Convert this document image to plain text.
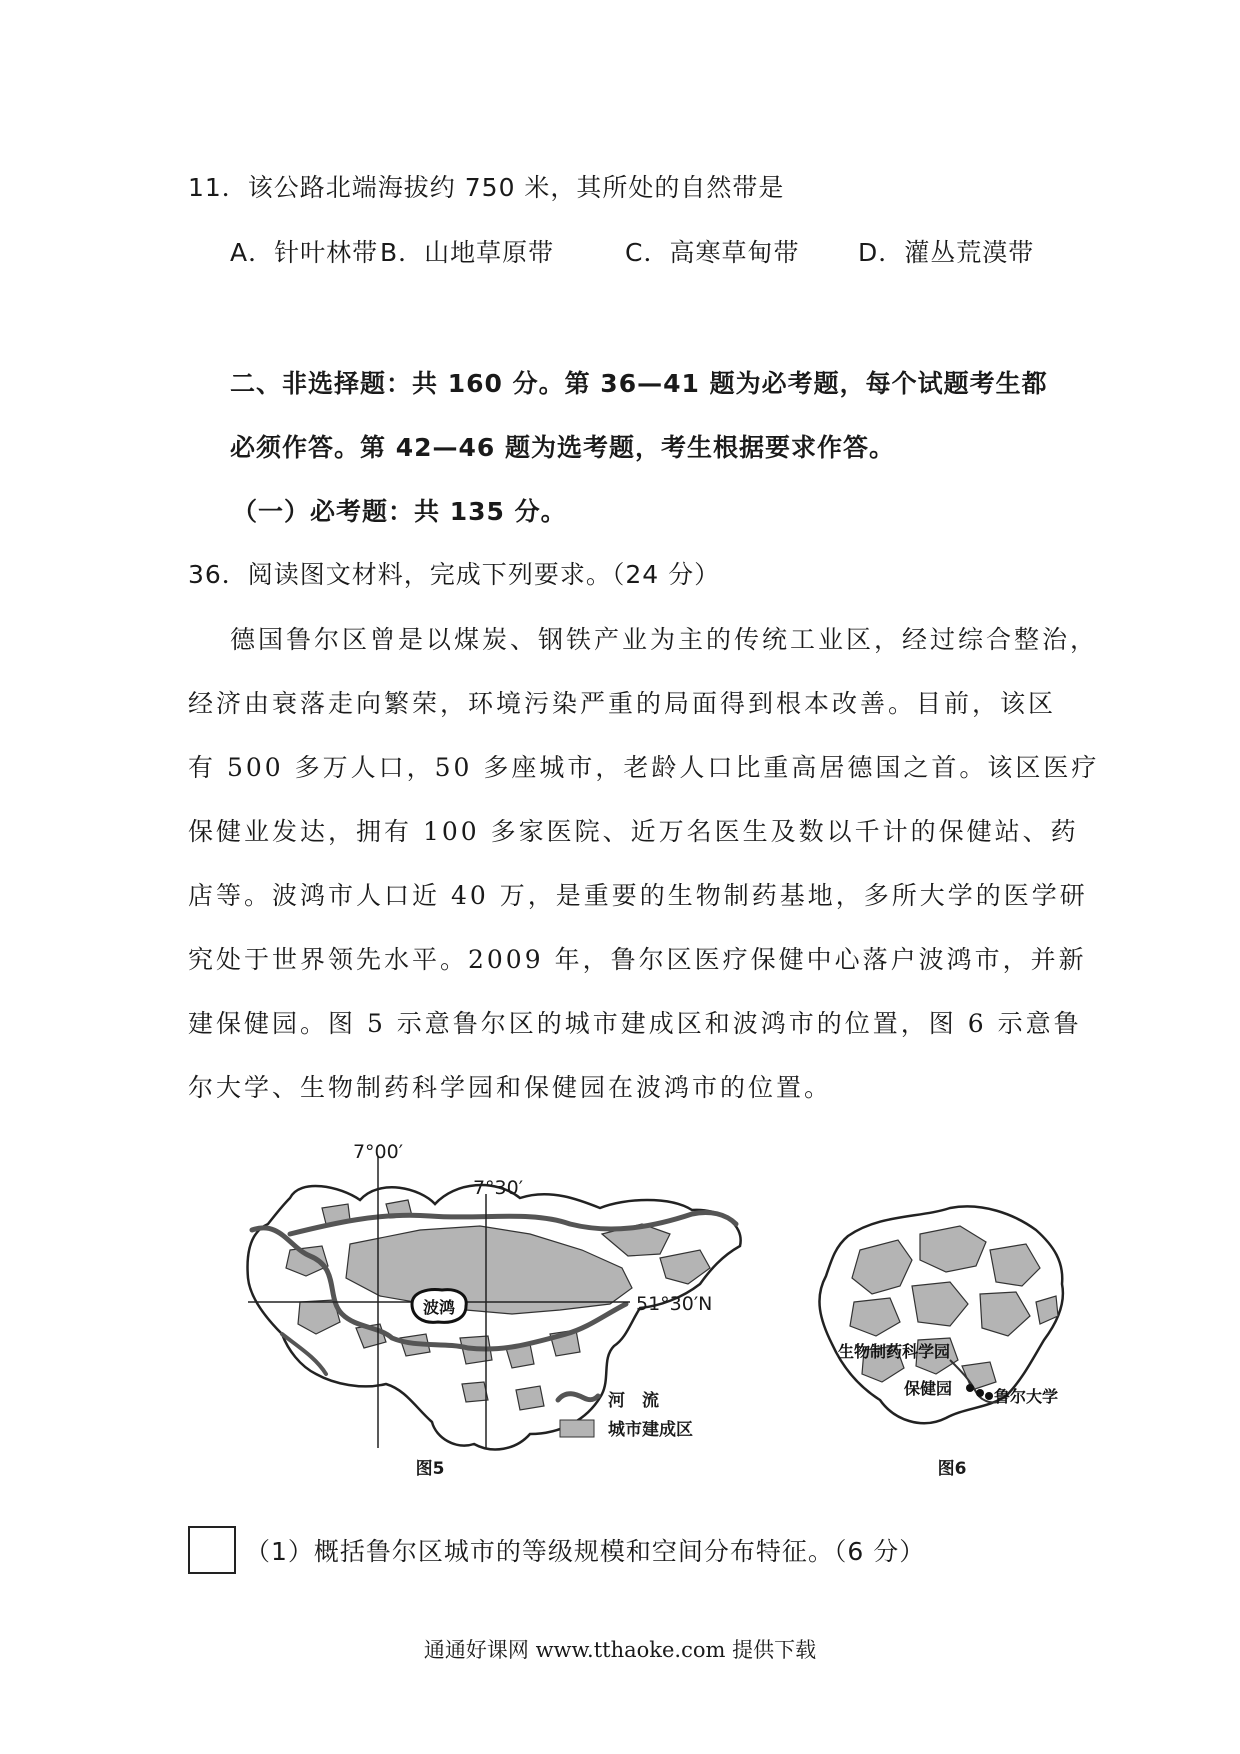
11．该公路北端海拔约 750 米，其所处的自然带是
A．针叶林带 B．山地草原带	C．高寒草甸带 D．灌丛荒漠带
二、非选择题：共 160 分。第 36—41 题为必考题，每个试题考生都
必须作答。第 42—46 题为选考题，考生根据要求作答。
（一）必考题：共 135 分。
36．阅读图文材料，完成下列要求。（24 分）
德国鲁尔区曾是以煤炭、钢铁产业为主的传统工业区，经过综合整治，
经济由衰落走向繁荣，环境污染严重的局面得到根本改善。目前，该区
有 500 多万人口，50 多座城市，老龄人口比重高居德国之首。该区医疗
保健业发达，拥有 100 多家医院、近万名医生及数以千计的保健站、药
店等。波鸿市人口近 40 万，是重要的生物制药基地，多所大学的医学研
究处于世界领先水平。2009 年，鲁尔区医疗保健中心落户波鸿市，并新
建保健园。图 5 示意鲁尔区的城市建成区和波鸿市的位置，图 6 示意鲁
尔大学、生物制药科学园和保健园在波鸿市的位置。
7°00′
7°30′
51°30′N
波鸿
河　流
城市建成区
图5
生物制药科学园
保健园	鲁尔大学
图6
（1）概括鲁尔区城市的等级规模和空间分布特征。（6 分）
通通好课网 www.tthaoke.com 提供下载
